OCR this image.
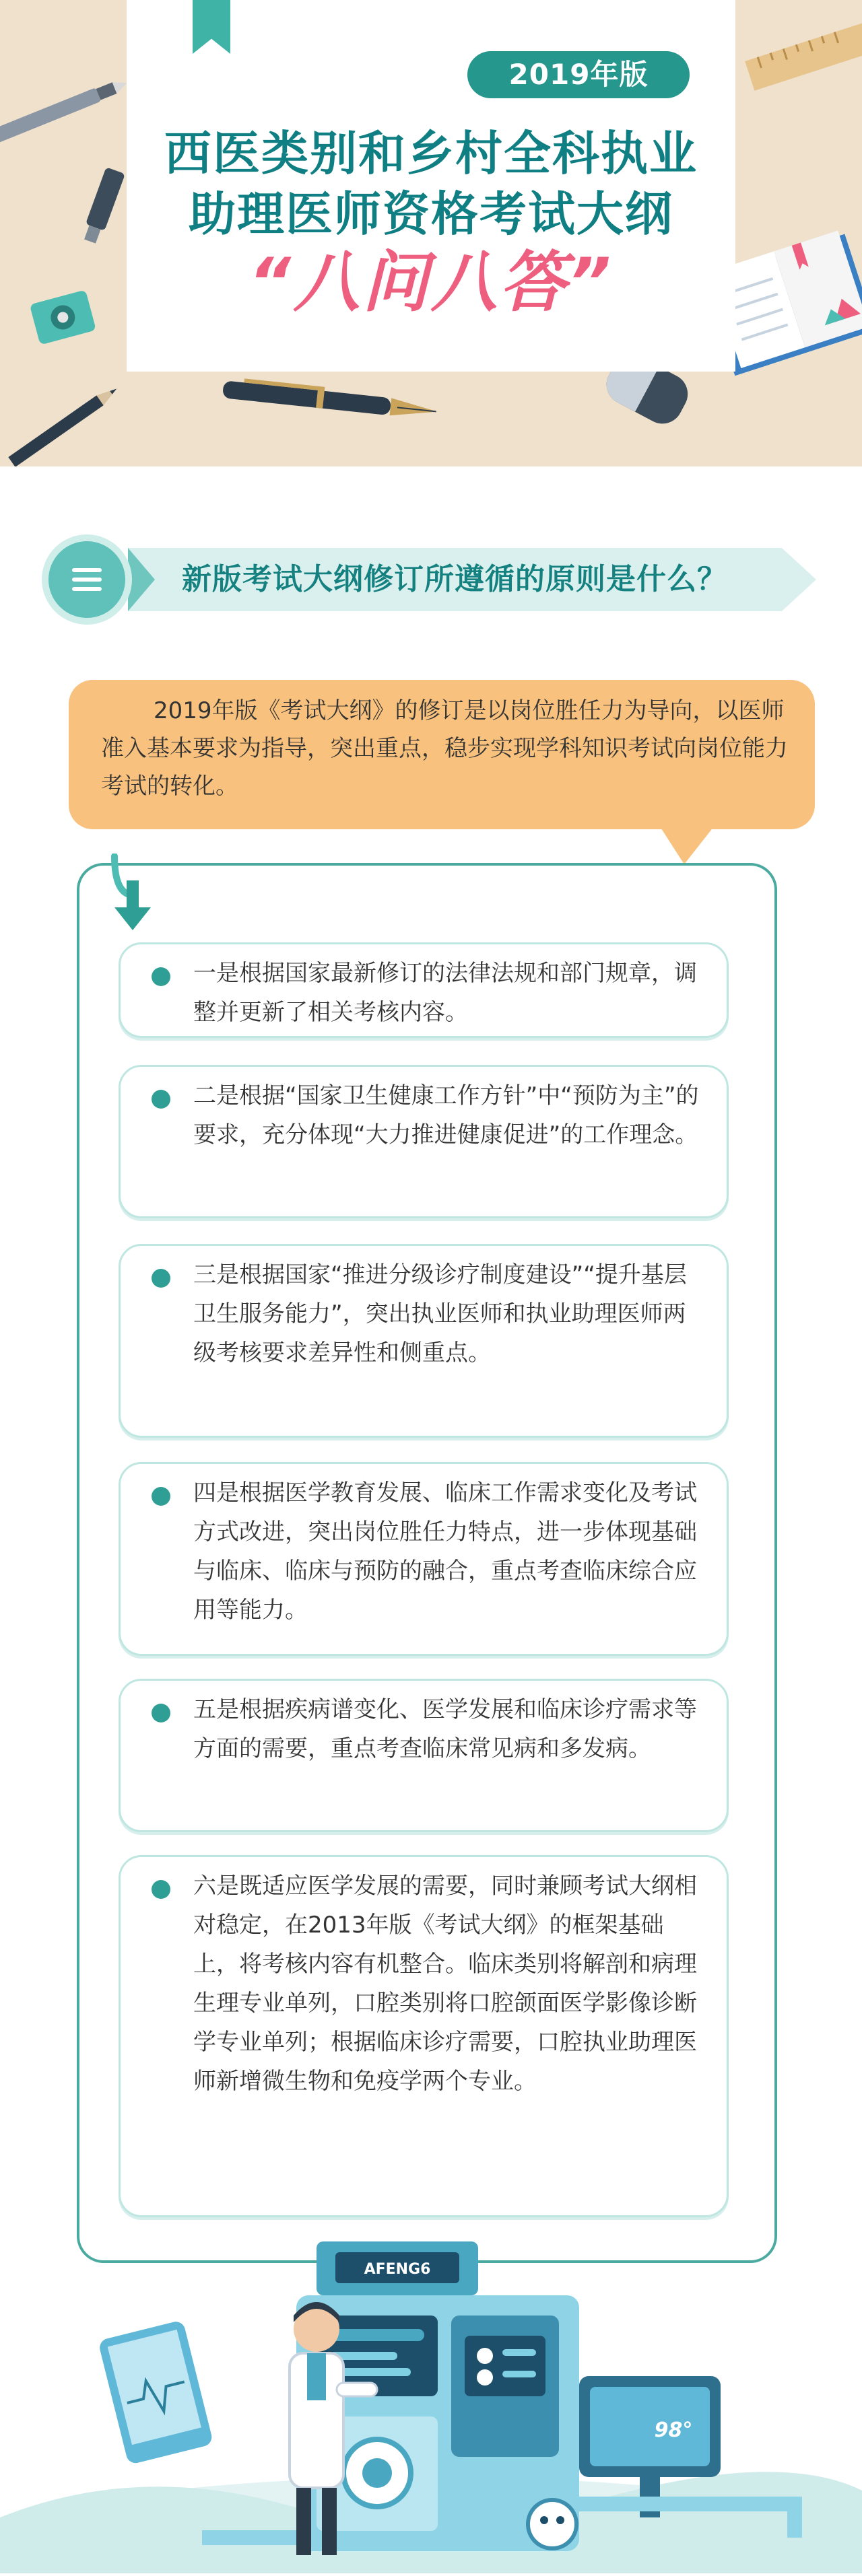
2019年版
西医类别和乡村全科执业
助理医师资格考试大纲
“八问八答”
新版考试大纲修订所遵循的原则是什么？

2019年版《考试大纲》的修订是以岗位胜任力为导向，以医师准入基本要求为指导，突出重点，稳步实现学科知识考试向岗位能力考试的转化。

一是根据国家最新修订的法律法规和部门规章，调整并更新了相关考核内容。

二是根据“国家卫生健康工作方针”中“预防为主”的要求，充分体现“大力推进健康促进”的工作理念。

三是根据国家“推进分级诊疗制度建设”“提升基层卫生服务能力”，突出执业医师和执业助理医师两级考核要求差异性和侧重点。

四是根据医学教育发展、临床工作需求变化及考试方式改进，突出岗位胜任力特点，进一步体现基础与临床、临床与预防的融合，重点考查临床综合应用等能力。

五是根据疾病谱变化、医学发展和临床诊疗需求等方面的需要，重点考查临床常见病和多发病。

六是既适应医学发展的需要，同时兼顾考试大纲相对稳定，在2013年版《考试大纲》的框架基础上，将考核内容有机整合。临床类别将解剖和病理生理专业单列，口腔类别将口腔颌面医学影像诊断学专业单列；根据临床诊疗需要，口腔执业助理医师新增微生物和免疫学两个专业。

AFENG6
98°
